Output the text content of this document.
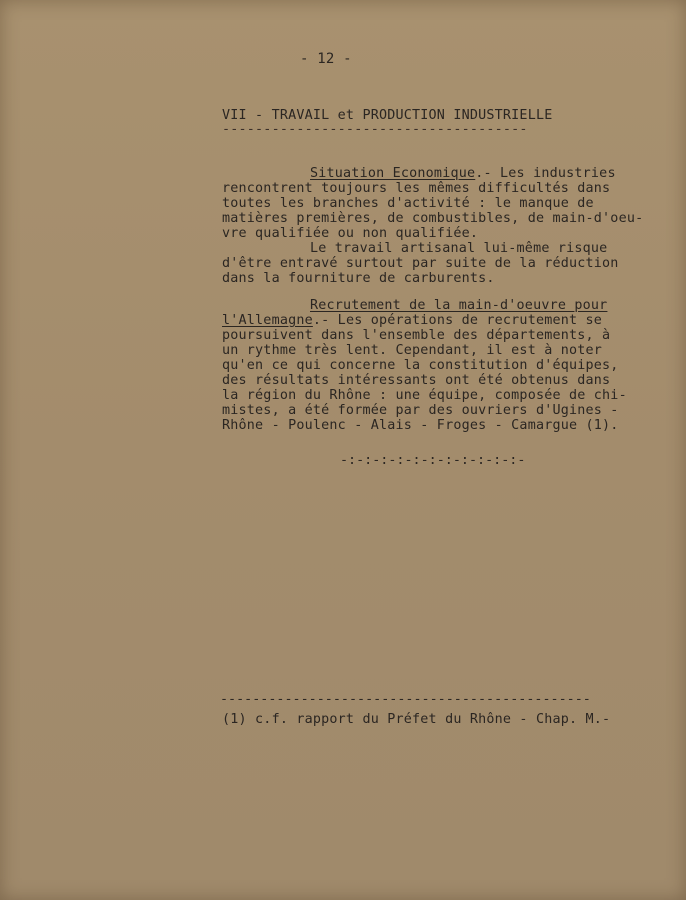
- 12 -
VII - TRAVAIL et PRODUCTION INDUSTRIELLE
-------------------------------------
Situation Economique.- Les industries
rencontrent toujours les mêmes difficultés dans
toutes les branches d'activité : le manque de
matières premières, de combustibles, de main-d'oeu-
vre qualifiée ou non qualifiée.
Le travail artisanal lui-même risque
d'être entravé surtout par suite de la réduction
dans la fourniture de carburents.
Recrutement de la main-d'oeuvre pour
l'Allemagne.- Les opérations de recrutement se
poursuivent dans l'ensemble des départements, à
un rythme très lent. Cependant, il est à noter
qu'en ce qui concerne la constitution d'équipes,
des résultats intéressants ont été obtenus dans
la région du Rhône : une équipe, composée de chi-
mistes, a été formée par des ouvriers d'Ugines -
Rhône - Poulenc - Alais - Froges - Camargue (1).
-:-:-:-:-:-:-:-:-:-:-:-
----------------------------------------------
(1) c.f. rapport du Préfet du Rhône - Chap. M.-
